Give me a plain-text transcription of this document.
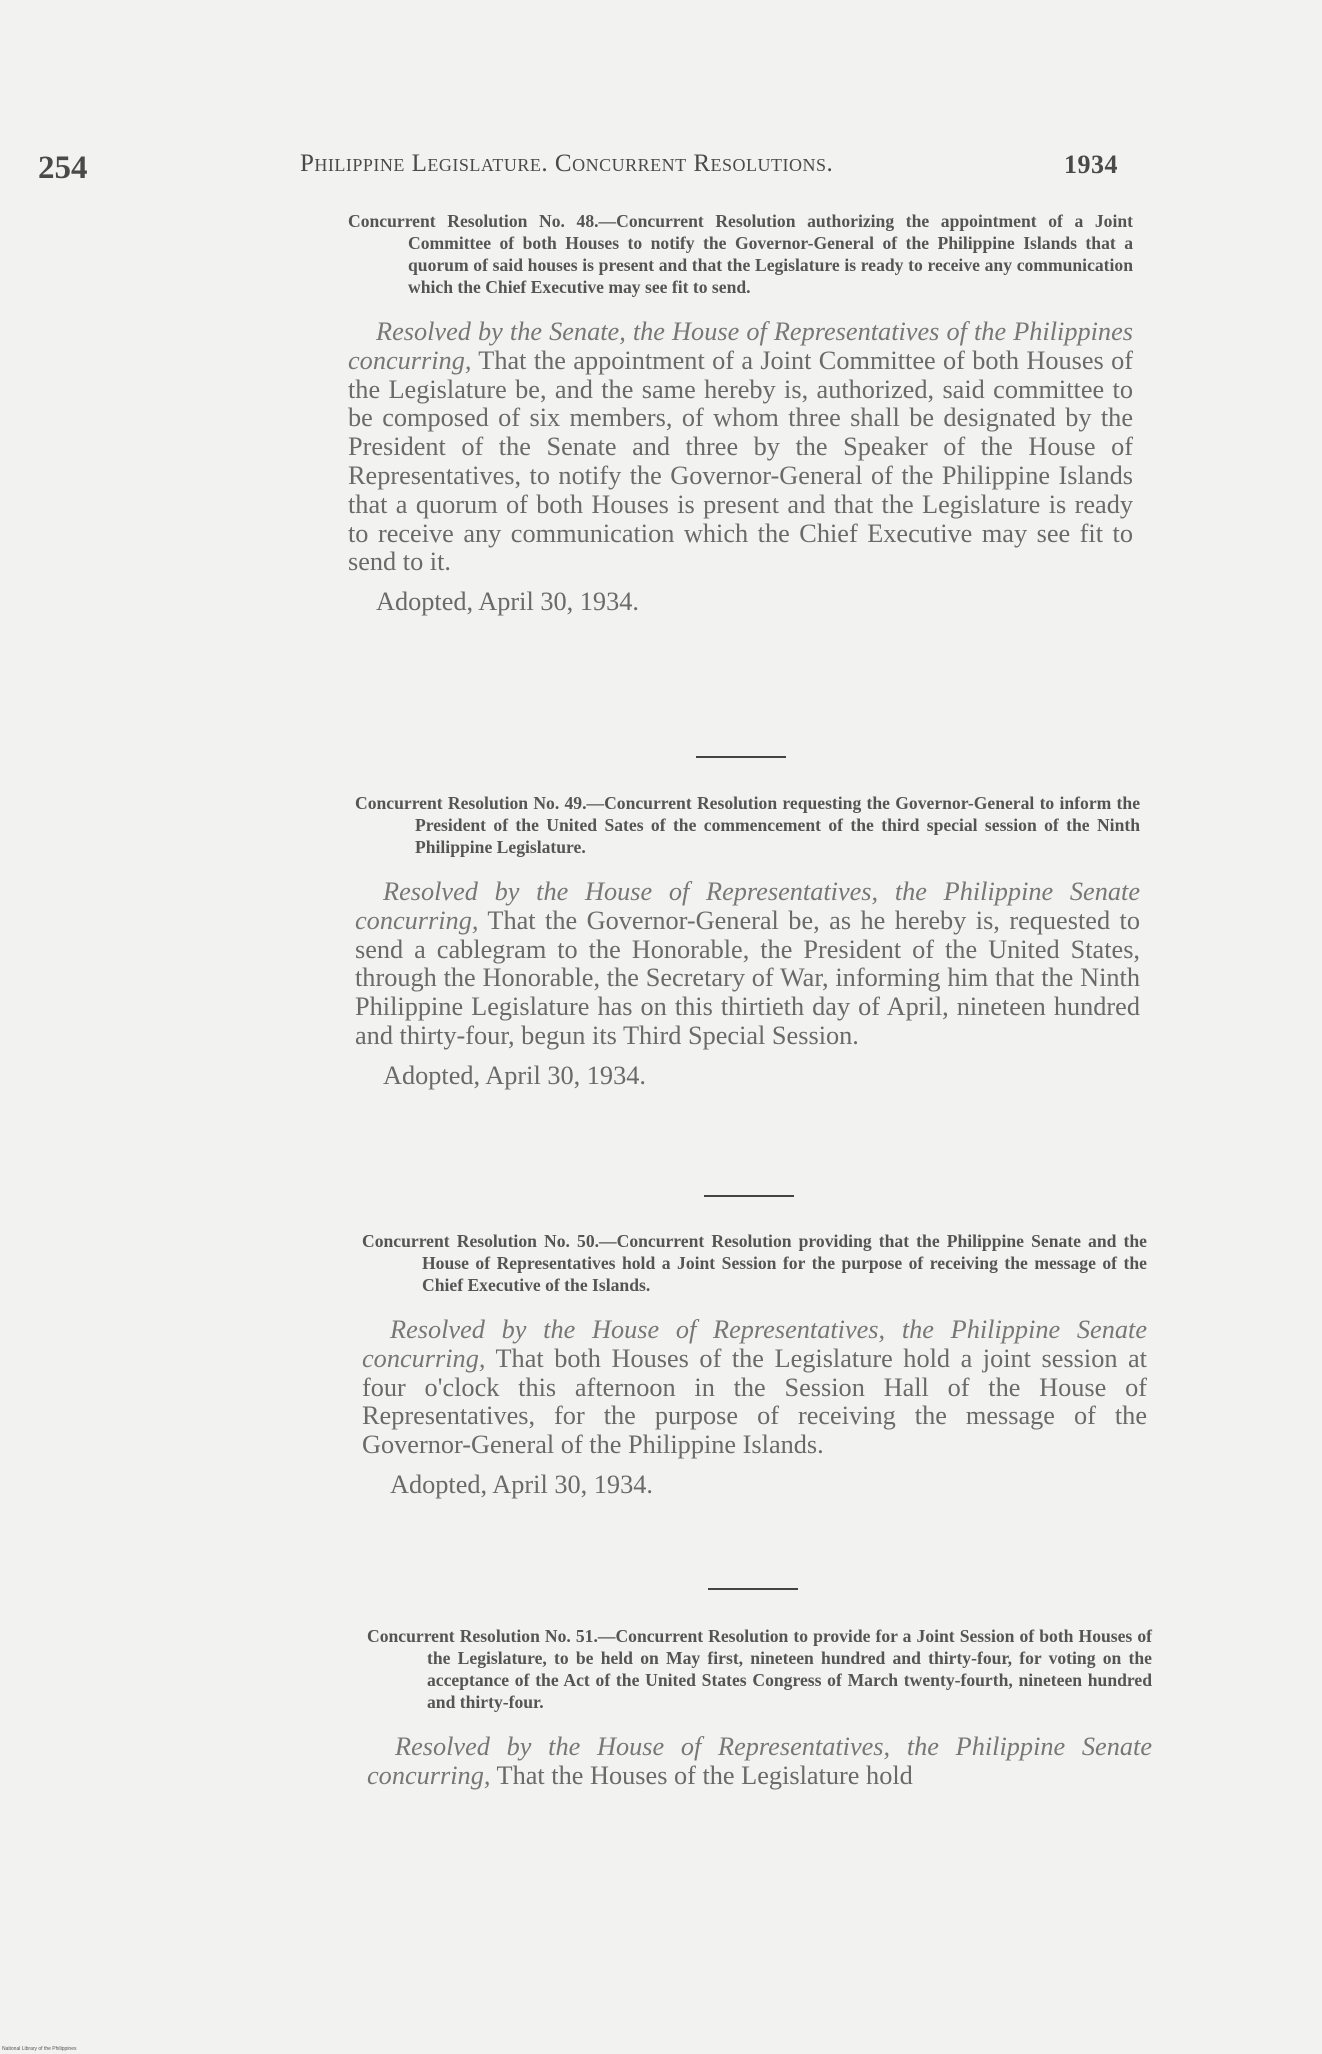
254	Philippine Legislature. Concurrent Resolutions.	1934

Concurrent Resolution No. 48.—Concurrent Resolution authorizing the appointment of a Joint Committee of both Houses to notify the Governor-General of the Philippine Islands that a quorum of said houses is present and that the Legislature is ready to receive any communication which the Chief Executive may see fit to send.

Resolved by the Senate, the House of Representatives of the Philippines concurring, That the appointment of a Joint Committee of both Houses of the Legislature be, and the same hereby is, authorized, said committee to be composed of six members, of whom three shall be designated by the President of the Senate and three by the Speaker of the House of Representatives, to notify the Governor-General of the Philippine Islands that a quorum of both Houses is present and that the Legislature is ready to receive any communication which the Chief Executive may see fit to send to it.

Adopted, April 30, 1934.

Concurrent Resolution No. 49.—Concurrent Resolution requesting the Governor-General to inform the President of the United Sates of the commencement of the third special session of the Ninth Philippine Legislature.

Resolved by the House of Representatives, the Philippine Senate concurring, That the Governor-General be, as he hereby is, requested to send a cablegram to the Honorable, the President of the United States, through the Honorable, the Secretary of War, informing him that the Ninth Philippine Legislature has on this thirtieth day of April, nineteen hundred and thirty-four, begun its Third Special Session.

Adopted, April 30, 1934.

Concurrent Resolution No. 50.—Concurrent Resolution providing that the Philippine Senate and the House of Representatives hold a Joint Session for the purpose of receiving the message of the Chief Executive of the Islands.

Resolved by the House of Representatives, the Philippine Senate concurring, That both Houses of the Legislature hold a joint session at four o'clock this afternoon in the Session Hall of the House of Representatives, for the purpose of receiving the message of the Governor-General of the Philippine Islands.

Adopted, April 30, 1934.

Concurrent Resolution No. 51.—Concurrent Resolution to provide for a Joint Session of both Houses of the Legislature, to be held on May first, nineteen hundred and thirty-four, for voting on the acceptance of the Act of the United States Congress of March twenty-fourth, nineteen hundred and thirty-four.

Resolved by the House of Representatives, the Philippine Senate concurring, That the Houses of the Legislature hold

National Library of the Philippines
